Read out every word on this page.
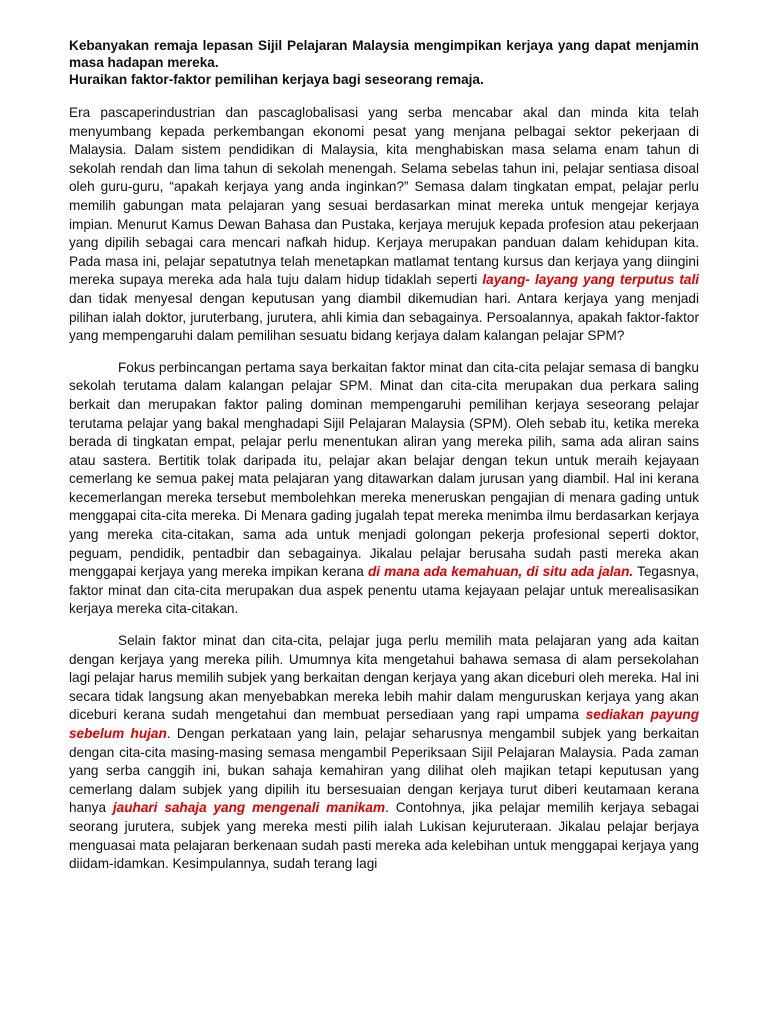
Kebanyakan remaja lepasan Sijil Pelajaran Malaysia mengimpikan kerjaya yang dapat menjamin masa hadapan mereka.
Huraikan faktor-faktor pemilihan kerjaya bagi seseorang remaja.

Era pascaperindustrian dan pascaglobalisasi yang serba mencabar akal dan minda kita telah menyumbang kepada perkembangan ekonomi pesat yang menjana pelbagai sektor pekerjaan di Malaysia. Dalam sistem pendidikan di Malaysia, kita menghabiskan masa selama enam tahun di sekolah rendah dan lima tahun di sekolah menengah. Selama sebelas tahun ini, pelajar sentiasa disoal oleh guru-guru, “apakah kerjaya yang anda inginkan?” Semasa dalam tingkatan empat, pelajar perlu memilih gabungan mata pelajaran yang sesuai berdasarkan minat mereka untuk mengejar kerjaya impian. Menurut Kamus Dewan Bahasa dan Pustaka, kerjaya merujuk kepada profesion atau pekerjaan yang dipilih sebagai cara mencari nafkah hidup. Kerjaya merupakan panduan dalam kehidupan kita. Pada masa ini, pelajar sepatutnya telah menetapkan matlamat tentang kursus dan kerjaya yang diingini mereka supaya mereka ada hala tuju dalam hidup tidaklah seperti layang- layang yang terputus tali dan tidak menyesal dengan keputusan yang diambil dikemudian hari. Antara kerjaya yang menjadi pilihan ialah doktor, juruterbang, jurutera, ahli kimia dan sebagainya. Persoalannya, apakah faktor-faktor yang mempengaruhi dalam pemilihan sesuatu bidang kerjaya dalam kalangan pelajar SPM?

Fokus perbincangan pertama saya berkaitan faktor minat dan cita-cita pelajar semasa di bangku sekolah terutama dalam kalangan pelajar SPM. Minat dan cita-cita merupakan dua perkara saling berkait dan merupakan faktor paling dominan mempengaruhi pemilihan kerjaya seseorang pelajar terutama pelajar yang bakal menghadapi Sijil Pelajaran Malaysia (SPM). Oleh sebab itu, ketika mereka berada di tingkatan empat, pelajar perlu menentukan aliran yang mereka pilih, sama ada aliran sains atau sastera. Bertitik tolak daripada itu, pelajar akan belajar dengan tekun untuk meraih kejayaan cemerlang ke semua pakej mata pelajaran yang ditawarkan dalam jurusan yang diambil. Hal ini kerana kecemerlangan mereka tersebut membolehkan mereka meneruskan pengajian di menara gading untuk menggapai cita-cita mereka. Di Menara gading jugalah tepat mereka menimba ilmu berdasarkan kerjaya yang mereka cita-citakan, sama ada untuk menjadi golongan pekerja profesional seperti doktor, peguam, pendidik, pentadbir dan sebagainya. Jikalau pelajar berusaha sudah pasti mereka akan menggapai kerjaya yang mereka impikan kerana di mana ada kemahuan, di situ ada jalan. Tegasnya, faktor minat dan cita-cita merupakan dua aspek penentu utama kejayaan pelajar untuk merealisasikan kerjaya mereka cita-citakan.

Selain faktor minat dan cita-cita, pelajar juga perlu memilih mata pelajaran yang ada kaitan dengan kerjaya yang mereka pilih. Umumnya kita mengetahui bahawa semasa di alam persekolahan lagi pelajar harus memilih subjek yang berkaitan dengan kerjaya yang akan diceburi oleh mereka. Hal ini secara tidak langsung akan menyebabkan mereka lebih mahir dalam menguruskan kerjaya yang akan diceburi kerana sudah mengetahui dan membuat persediaan yang rapi umpama sediakan payung sebelum hujan. Dengan perkataan yang lain, pelajar seharusnya mengambil subjek yang berkaitan dengan cita-cita masing-masing semasa mengambil Peperiksaan Sijil Pelajaran Malaysia. Pada zaman yang serba canggih ini, bukan sahaja kemahiran yang dilihat oleh majikan tetapi keputusan yang cemerlang dalam subjek yang dipilih itu bersesuaian dengan kerjaya turut diberi keutamaan kerana hanya jauhari sahaja yang mengenali manikam. Contohnya, jika pelajar memilih kerjaya sebagai seorang jurutera, subjek yang mereka mesti pilih ialah Lukisan kejuruteraan. Jikalau pelajar berjaya menguasai mata pelajaran berkenaan sudah pasti mereka ada kelebihan untuk menggapai kerjaya yang diidam-idamkan. Kesimpulannya, sudah terang lagi
